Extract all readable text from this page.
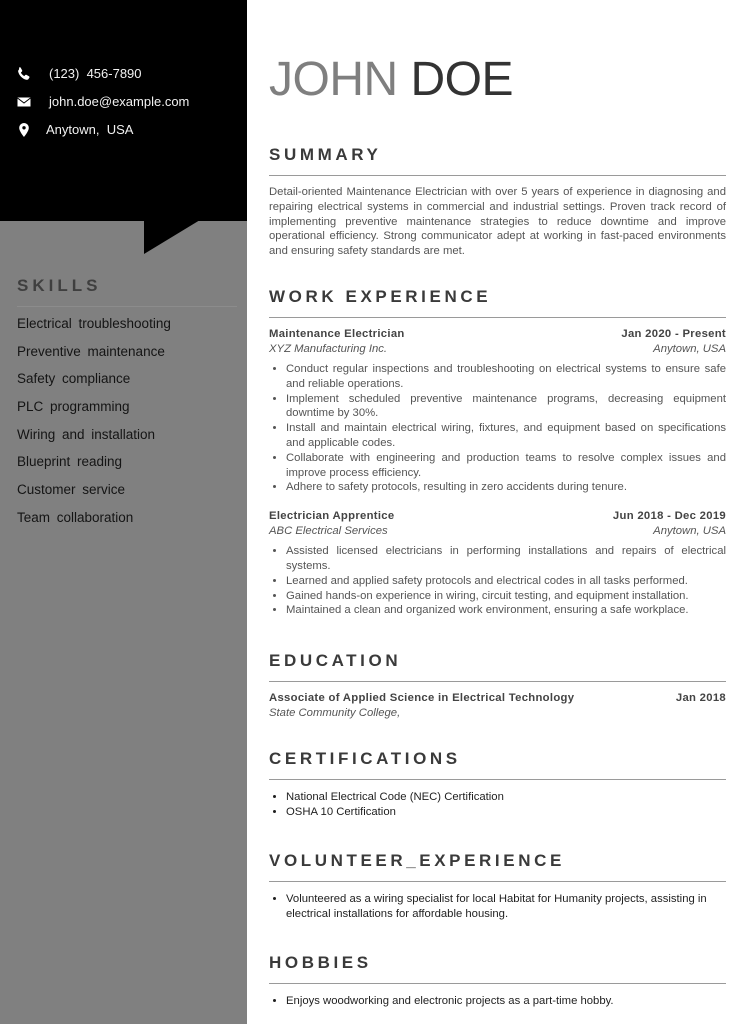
(123)  456-7890
john.doe@example.com
Anytown,  USA
SKILLS
Electrical troubleshooting
Preventive maintenance
Safety compliance
PLC programming
Wiring and installation
Blueprint reading
Customer service
Team collaboration
JOHN DOE
SUMMARY

Detail-oriented Maintenance Electrician with over 5 years of experience in diagnosing and repairing electrical systems in commercial and industrial settings. Proven track record of implementing preventive maintenance strategies to reduce downtime and improve operational efficiency. Strong communicator adept at working in fast-paced environments and ensuring safety standards are met.

WORK EXPERIENCE
Maintenance Electrician	Jan 2020 - Present
XYZ Manufacturing Inc.	Anytown, USA
• Conduct regular inspections and troubleshooting on electrical systems to ensure safe and reliable operations.
• Implement scheduled preventive maintenance programs, decreasing equipment downtime by 30%.
• Install and maintain electrical wiring, fixtures, and equipment based on specifications and applicable codes.
• Collaborate with engineering and production teams to resolve complex issues and improve process efficiency.
• Adhere to safety protocols, resulting in zero accidents during tenure.
Electrician Apprentice	Jun 2018 - Dec 2019
ABC Electrical Services	Anytown, USA
• Assisted licensed electricians in performing installations and repairs of electrical systems.
• Learned and applied safety protocols and electrical codes in all tasks performed.
• Gained hands-on experience in wiring, circuit testing, and equipment installation.
• Maintained a clean and organized work environment, ensuring a safe workplace.
EDUCATION
Associate of Applied Science in Electrical Technology	Jan 2018
State Community College,
CERTIFICATIONS
• National Electrical Code (NEC) Certification
• OSHA 10 Certification
VOLUNTEER_EXPERIENCE
• Volunteered as a wiring specialist for local Habitat for Humanity projects, assisting in electrical installations for affordable housing.
HOBBIES
• Enjoys woodworking and electronic projects as a part-time hobby.
